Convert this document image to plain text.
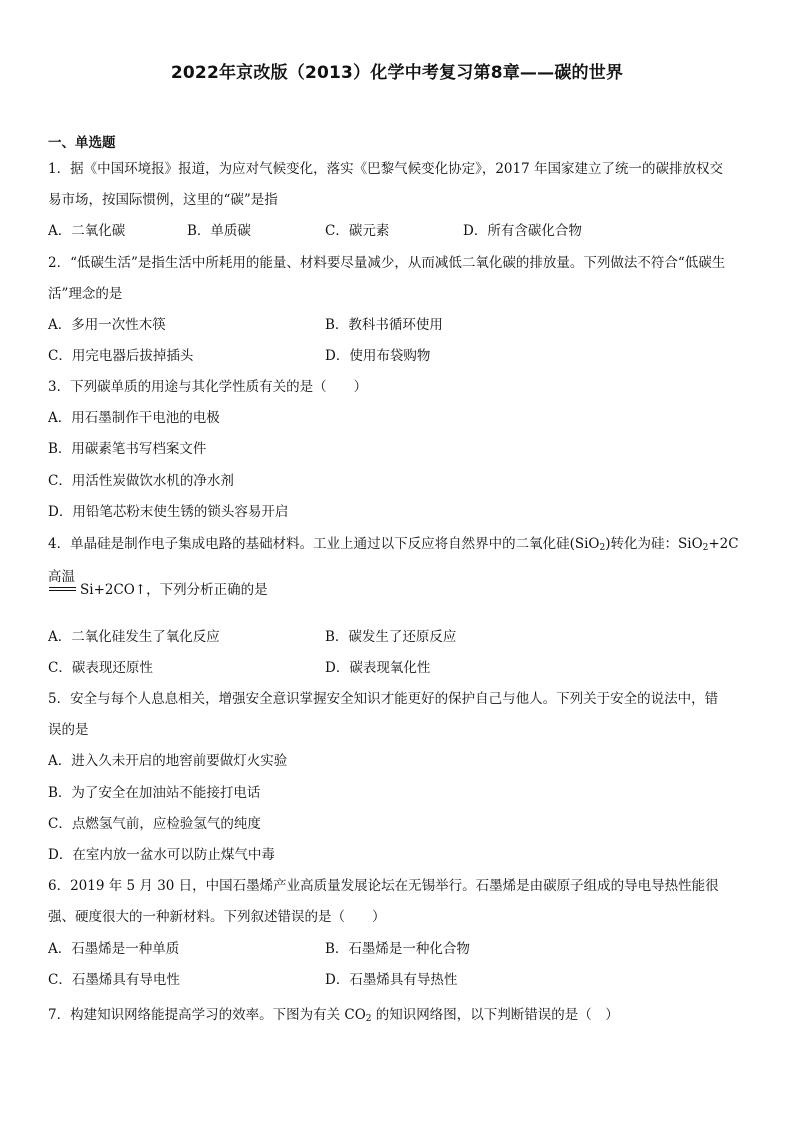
2022年京改版（2013）化学中考复习第8章——碳的世界
一、单选题
1．据《中国环境报》报道，为应对气候变化，落实《巴黎气候变化协定》，2017 年国家建立了统一的碳排放权交
易市场，按国际惯例，这里的“碳”是指
A．二氧化碳	B．单质碳	C．碳元素	D．所有含碳化合物
2．“低碳生活”是指生活中所耗用的能量、材料要尽量减少，从而减低二氧化碳的排放量。下列做法不符合“低碳生
活”理念的是
A．多用一次性木筷	B．教科书循环使用
C．用完电器后拔掉插头	D．使用布袋购物
3．下列碳单质的用途与其化学性质有关的是（　　）
A．用石墨制作干电池的电极
B．用碳素笔书写档案文件
C．用活性炭做饮水机的净水剂
D．用铅笔芯粉末使生锈的锁头容易开启
4．单晶硅是制作电子集成电路的基础材料。工业上通过以下反应将自然界中的二氧化硅(SiO$_2$)转化为硅：SiO$_2$+2C
高温
Si+2CO↑，下列分析正确的是
A．二氧化硅发生了氧化反应	B．碳发生了还原反应
C．碳表现还原性	D．碳表现氧化性
5．安全与每个人息息相关，增强安全意识掌握安全知识才能更好的保护自己与他人。下列关于安全的说法中，错
误的是
A．进入久未开启的地窖前要做灯火实验
B．为了安全在加油站不能接打电话
C．点燃氢气前，应检验氢气的纯度
D．在室内放一盆水可以防止煤气中毒
6．2019 年 5 月 30 日，中国石墨烯产业高质量发展论坛在无锡举行。石墨烯是由碳原子组成的导电导热性能很
强、硬度很大的一种新材料。下列叙述错误的是（　　）
A．石墨烯是一种单质	B．石墨烯是一种化合物
C．石墨烯具有导电性	D．石墨烯具有导热性
7．构建知识网络能提高学习的效率。下图为有关 $CO_2$ 的知识网络图，以下判断错误的是（　）
